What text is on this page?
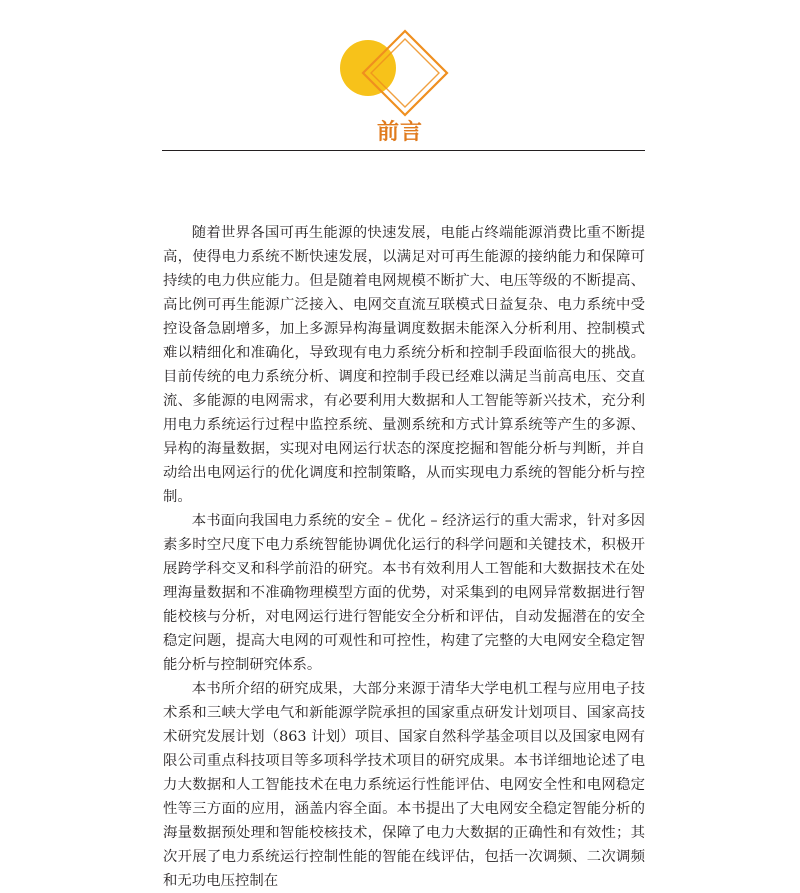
前言

随着世界各国可再生能源的快速发展，电能占终端能源消费比重不断提高，使得电力系统不断快速发展，以满足对可再生能源的接纳能力和保障可持续的电力供应能力。但是随着电网规模不断扩大、电压等级的不断提高、高比例可再生能源广泛接入、电网交直流互联模式日益复杂、电力系统中受控设备急剧增多，加上多源异构海量调度数据未能深入分析利用、控制模式难以精细化和准确化，导致现有电力系统分析和控制手段面临很大的挑战。目前传统的电力系统分析、调度和控制手段已经难以满足当前高电压、交直流、多能源的电网需求，有必要利用大数据和人工智能等新兴技术，充分利用电力系统运行过程中监控系统、量测系统和方式计算系统等产生的多源、异构的海量数据，实现对电网运行状态的深度挖掘和智能分析与判断，并自动给出电网运行的优化调度和控制策略，从而实现电力系统的智能分析与控制。

本书面向我国电力系统的安全 – 优化 – 经济运行的重大需求，针对多因素多时空尺度下电力系统智能协调优化运行的科学问题和关键技术，积极开展跨学科交叉和科学前沿的研究。本书有效利用人工智能和大数据技术在处理海量数据和不准确物理模型方面的优势，对采集到的电网异常数据进行智能校核与分析，对电网运行进行智能安全分析和评估，自动发掘潜在的安全稳定问题，提高大电网的可观性和可控性，构建了完整的大电网安全稳定智能分析与控制研究体系。

本书所介绍的研究成果，大部分来源于清华大学电机工程与应用电子技术系和三峡大学电气和新能源学院承担的国家重点研发计划项目、国家高技术研究发展计划（863 计划）项目、国家自然科学基金项目以及国家电网有限公司重点科技项目等多项科学技术项目的研究成果。本书详细地论述了电力大数据和人工智能技术在电力系统运行性能评估、电网安全性和电网稳定性等三方面的应用，涵盖内容全面。本书提出了大电网安全稳定智能分析的海量数据预处理和智能校核技术，保障了电力大数据的正确性和有效性；其次开展了电力系统运行控制性能的智能在线评估，包括一次调频、二次调频和无功电压控制在
